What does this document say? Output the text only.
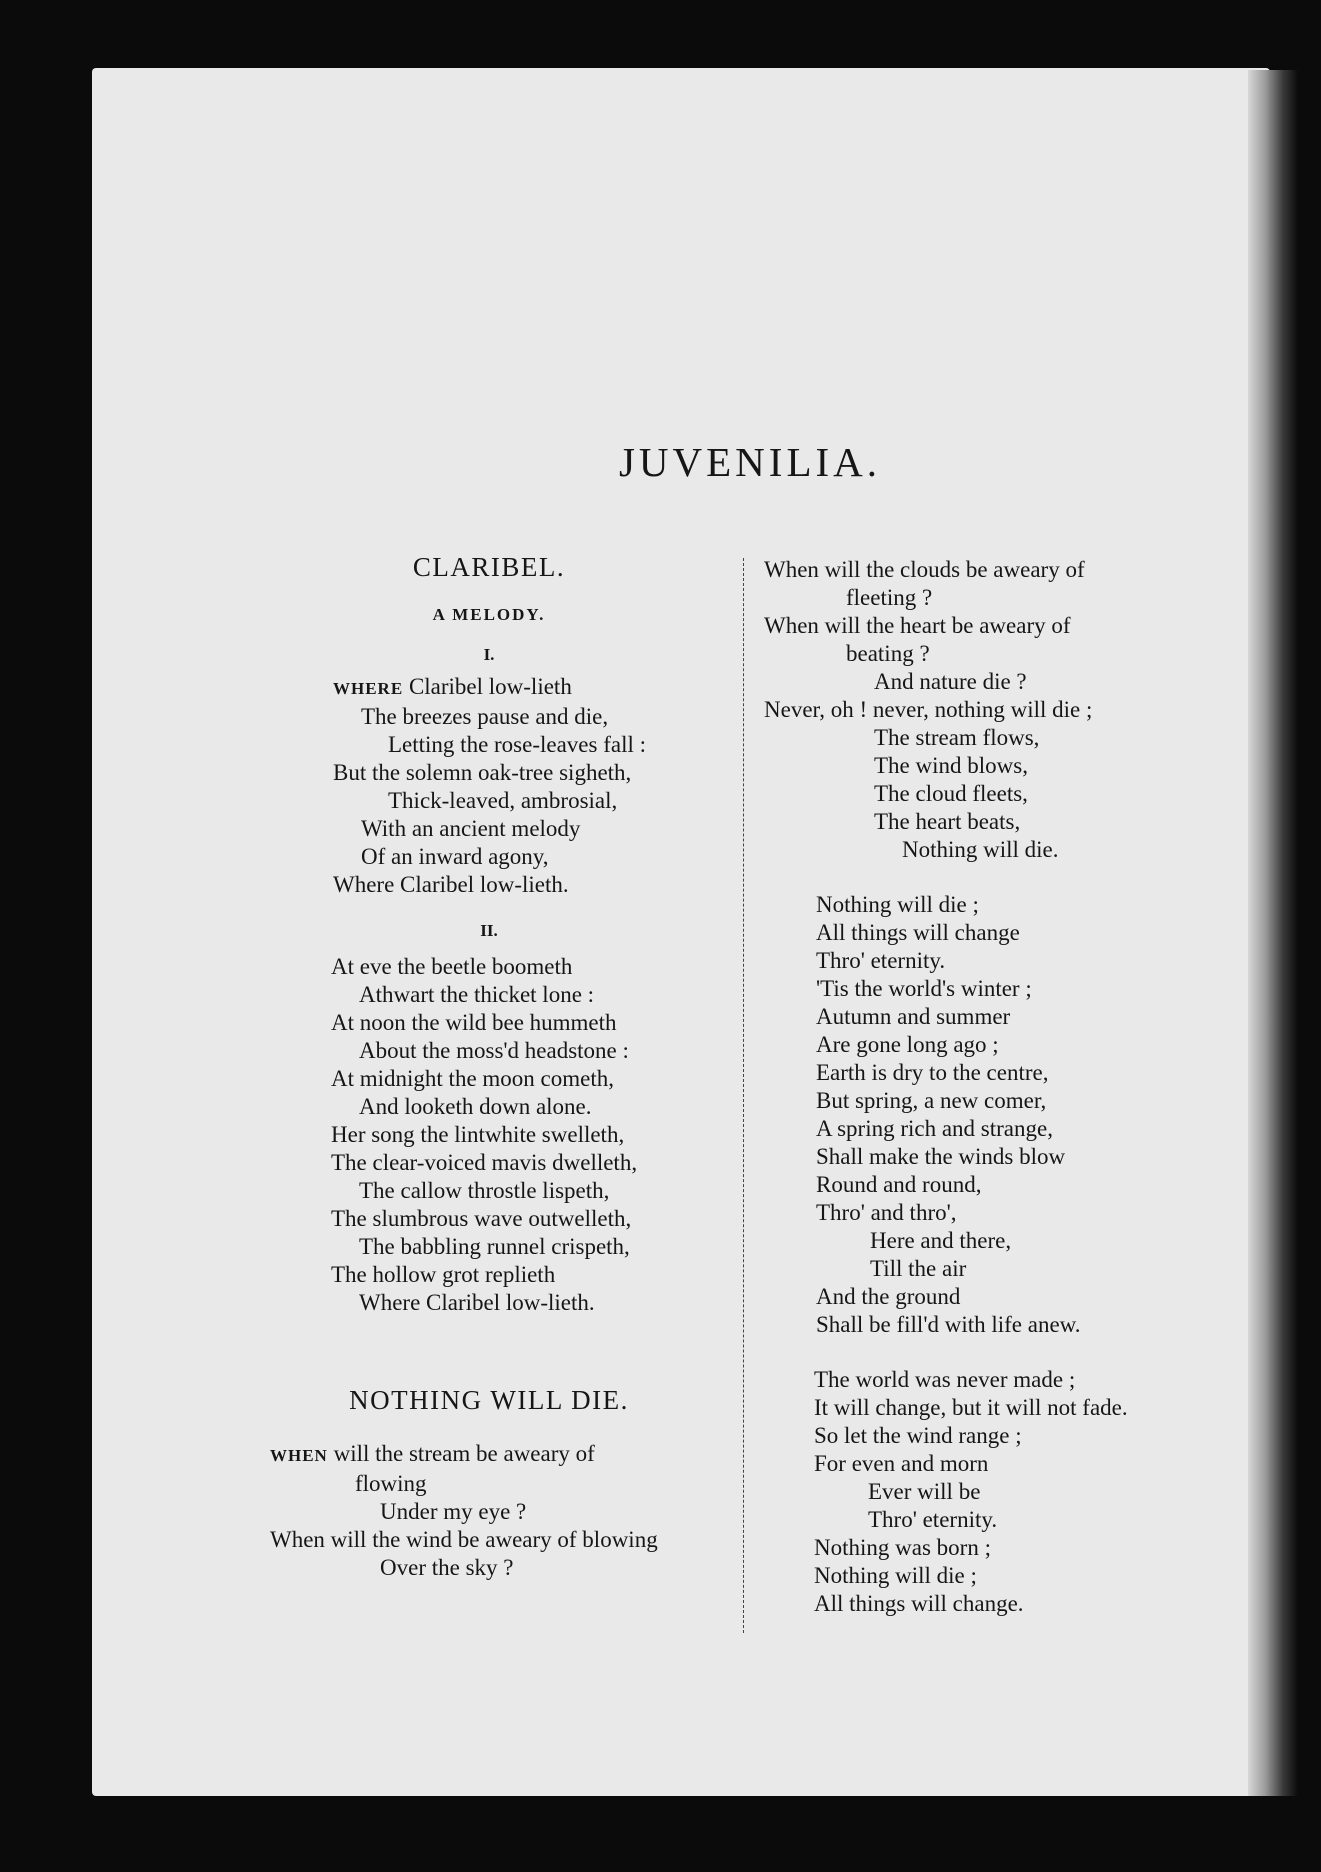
JUVENILIA.
CLARIBEL.
A MELODY.
I.
WHERE Claribel low-lieth
The breezes pause and die,
Letting the rose-leaves fall :
But the solemn oak-tree sigheth,
Thick-leaved, ambrosial,
With an ancient melody
Of an inward agony,
Where Claribel low-lieth.
II.
At eve the beetle boometh
Athwart the thicket lone :
At noon the wild bee hummeth
About the moss'd headstone :
At midnight the moon cometh,
And looketh down alone.
Her song the lintwhite swelleth,
The clear-voiced mavis dwelleth,
The callow throstle lispeth,
The slumbrous wave outwelleth,
The babbling runnel crispeth,
The hollow grot replieth
Where Claribel low-lieth.
NOTHING WILL DIE.
WHEN will the stream be aweary of
flowing
Under my eye ?
When will the wind be aweary of blowing
Over the sky ?
When will the clouds be aweary of
fleeting ?
When will the heart be aweary of
beating ?
And nature die ?
Never, oh ! never, nothing will die ;
The stream flows,
The wind blows,
The cloud fleets,
The heart beats,
Nothing will die.
Nothing will die ;
All things will change
Thro' eternity.
'Tis the world's winter ;
Autumn and summer
Are gone long ago ;
Earth is dry to the centre,
But spring, a new comer,
A spring rich and strange,
Shall make the winds blow
Round and round,
Thro' and thro',
Here and there,
Till the air
And the ground
Shall be fill'd with life anew.
The world was never made ;
It will change, but it will not fade.
So let the wind range ;
For even and morn
Ever will be
Thro' eternity.
Nothing was born ;
Nothing will die ;
All things will change.
